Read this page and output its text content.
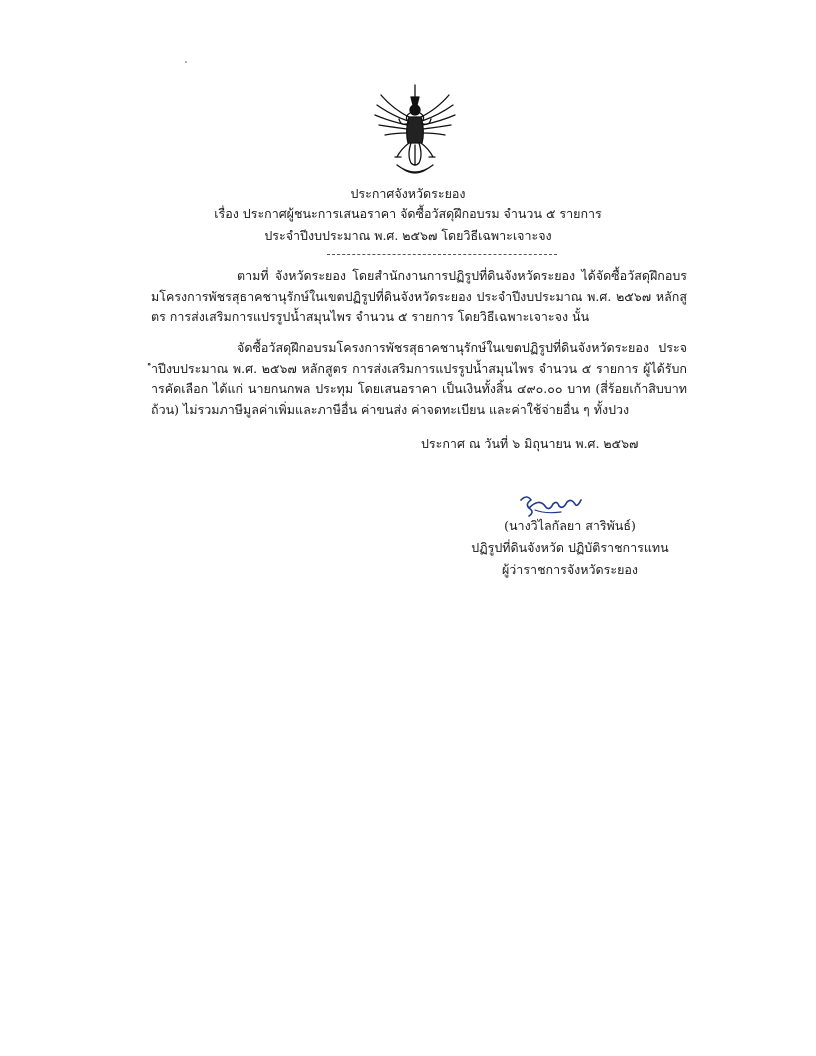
ประกาศจังหวัดระยอง
เรื่อง ประกาศผู้ชนะการเสนอราคา จัดซื้อวัสดุฝึกอบรม จำนวน ๕ รายการ
ประจำปีงบประมาณ พ.ศ. ๒๕๖๗ โดยวิธีเฉพาะเจาะจง
ตามที่ จังหวัดระยอง โดยสำนักงานการปฏิรูปที่ดินจังหวัดระยอง ได้จัดซื้อวัสดุฝึกอบรมโครงการพัชรสุธาคชานุรักษ์ในเขตปฏิรูปที่ดินจังหวัดระยอง ประจำปีงบประมาณ พ.ศ. ๒๕๖๗ หลักสูตร การส่งเสริมการแปรรูปน้ำสมุนไพร จำนวน ๕ รายการ โดยวิธีเฉพาะเจาะจง นั้น
จัดซื้อวัสดุฝึกอบรมโครงการพัชรสุธาคชานุรักษ์ในเขตปฏิรูปที่ดินจังหวัดระยอง ประจำปีงบประมาณ พ.ศ. ๒๕๖๗ หลักสูตร การส่งเสริมการแปรรูปน้ำสมุนไพร จำนวน ๕ รายการ ผู้ได้รับการคัดเลือก ได้แก่ นายกนกพล ประทุม โดยเสนอราคา เป็นเงินทั้งสิ้น ๔๙๐.๐๐ บาท (สี่ร้อยเก้าสิบบาทถ้วน) ไม่รวมภาษีมูลค่าเพิ่มและภาษีอื่น ค่าขนส่ง ค่าจดทะเบียน และค่าใช้จ่ายอื่น ๆ ทั้งปวง
ประกาศ ณ วันที่ ๖ มิถุนายน พ.ศ. ๒๕๖๗
(นางวิไลกัลยา สาริพันธ์)
ปฏิรูปที่ดินจังหวัด ปฏิบัติราชการแทน
ผู้ว่าราชการจังหวัดระยอง
